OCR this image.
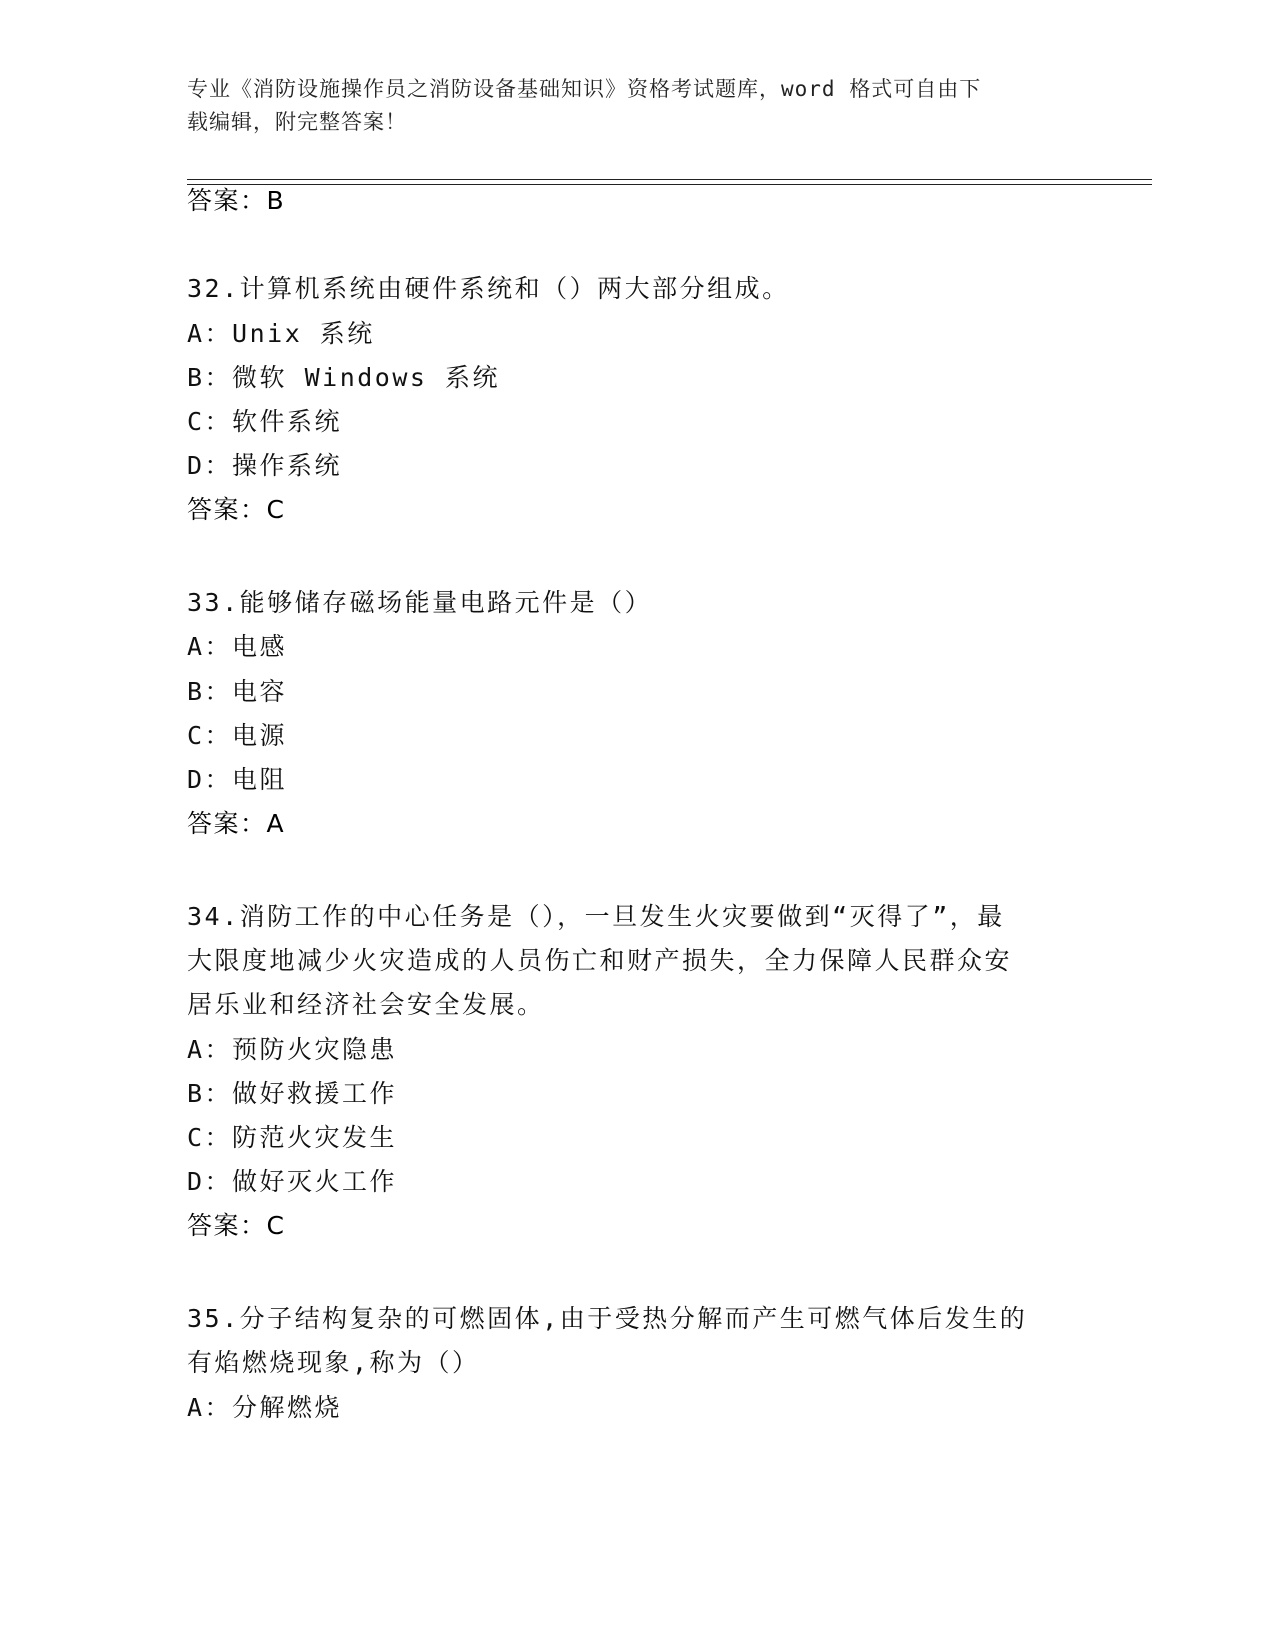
专业《消防设施操作员之消防设备基础知识》资格考试题库，word 格式可自由下
载编辑，附完整答案！
答案：B
32.计算机系统由硬件系统和（）两大部分组成。
A：Unix 系统
B：微软 Windows 系统
C：软件系统
D：操作系统
答案：C
33.能够储存磁场能量电路元件是（）
A：电感
B：电容
C：电源
D：电阻
答案：A
34.消防工作的中心任务是（），一旦发生火灾要做到“灭得了”，最
大限度地减少火灾造成的人员伤亡和财产损失，全力保障人民群众安
居乐业和经济社会安全发展。
A：预防火灾隐患
B：做好救援工作
C：防范火灾发生
D：做好灭火工作
答案：C
35.分子结构复杂的可燃固体,由于受热分解而产生可燃气体后发生的
有焰燃烧现象,称为（）
A：分解燃烧
